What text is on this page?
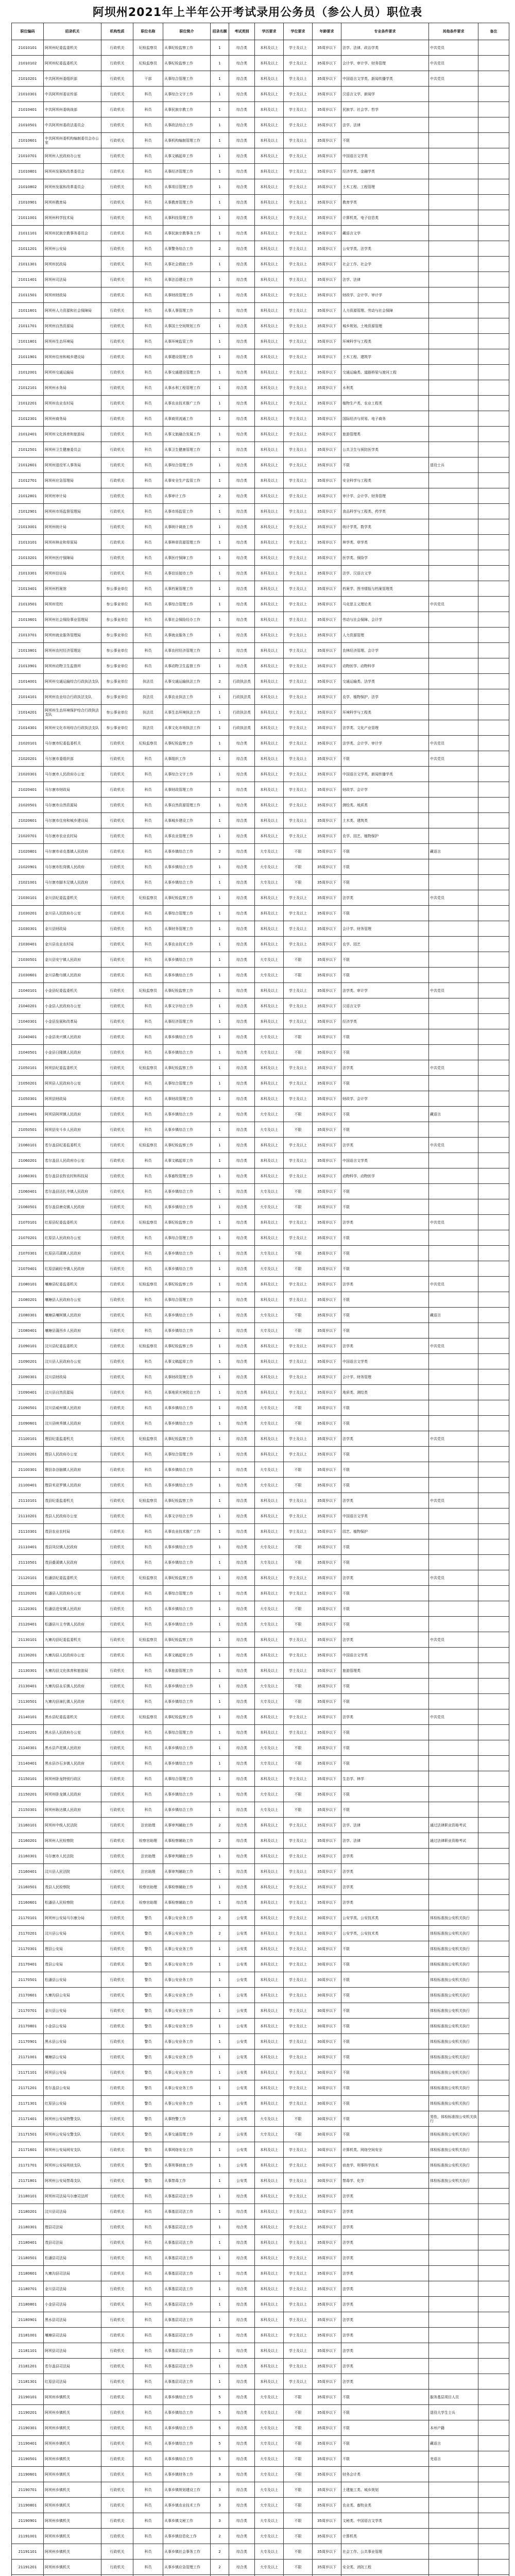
阿坝州2021年上半年公开考试录用公务员（参公人员）职位表
职位编码	招录机关	机构性质	职位名称	职位简介	招录名额	考试类别	学历要求	学位要求	年龄要求	专业条件要求	其他条件要求	备注
21010101	阿坝州纪委监委机关	行政机关	纪检监察员	从事纪检监察工作	1	综合类	本科及以上	学士及以上	35周岁以下	法学、法律、政治学类	中共党员	
21010102	阿坝州纪委监委机关	行政机关	纪检监察员	从事纪检监察工作	1	综合类	本科及以上	学士及以上	35周岁以下	会计学、审计学、财务管理	中共党员	
21010201	中共阿坝州委组织部	行政机关	干部	从事综合管理工作	1	综合类	本科及以上	学士及以上	35周岁以下	中国语言文学类、新闻传播学类	中共党员	
21010301	中共阿坝州委宣传部	行政机关	科员	从事综合文字工作	1	综合类	本科及以上	学士及以上	35周岁以下	汉语言文学、新闻学		
21010401	中共阿坝州委统战部	行政机关	科员	从事民族宗教工作	1	综合类	本科及以上	学士及以上	35周岁以下	民族学、社会学、哲学		
21010501	中共阿坝州委政法委员会	行政机关	科员	从事政法综合工作	1	综合类	本科及以上	学士及以上	35周岁以下	法学、法律		
21010601	中共阿坝州委机构编制委员会办公室	行政机关	科员	从事机构编制管理工作	1	综合类	本科及以上	学士及以上	35周岁以下	不限		
21010701	阿坝州人民政府办公室	行政机关	科员	从事文稿起草工作	1	综合类	本科及以上	学士及以上	35周岁以下	中国语言文学类		
21010801	阿坝州发展和改革委员会	行政机关	科员	从事经济管理工作	1	综合类	本科及以上	学士及以上	35周岁以下	经济学类、金融学类		
21010802	阿坝州发展和改革委员会	行政机关	科员	从事项目管理工作	1	综合类	本科及以上	学士及以上	35周岁以下	土木工程、工程管理		
21010901	阿坝州教育局	行政机关	科员	从事教育管理工作	1	综合类	本科及以上	学士及以上	35周岁以下	教育学类		
21011001	阿坝州科学技术局	行政机关	科员	从事科技管理工作	1	综合类	本科及以上	学士及以上	35周岁以下	计算机类、电子信息类		
21011101	阿坝州民族宗教事务委员会	行政机关	科员	从事民族宗教事务工作	1	综合类	本科及以上	学士及以上	35周岁以下	藏语言文学		
21011201	阿坝州公安局	行政机关	科员	从事警务综合工作	2	综合类	本科及以上	学士及以上	35周岁以下	公安学类、法学类		
21011301	阿坝州民政局	行政机关	科员	从事社会救助工作	1	综合类	本科及以上	学士及以上	35周岁以下	社会工作、社会学		
21011401	阿坝州司法局	行政机关	科员	从事法治建设工作	1	综合类	本科及以上	学士及以上	35周岁以下	法学、法律		
21011501	阿坝州财政局	行政机关	科员	从事财政管理工作	1	综合类	本科及以上	学士及以上	35周岁以下	财政学、会计学、审计学		
21011601	阿坝州人力资源和社会保障局	行政机关	科员	从事人事管理工作	1	综合类	本科及以上	学士及以上	35周岁以下	人力资源管理、劳动与社会保障		
21011701	阿坝州自然资源局	行政机关	科员	从事国土空间规划工作	1	综合类	本科及以上	学士及以上	35周岁以下	城乡规划、土地资源管理		
21011801	阿坝州生态环境局	行政机关	科员	从事环境监管工作	1	综合类	本科及以上	学士及以上	35周岁以下	环境科学与工程类		
21011901	阿坝州住房和城乡建设局	行政机关	科员	从事建设管理工作	1	综合类	本科及以上	学士及以上	35周岁以下	土木工程、建筑学		
21012001	阿坝州交通运输局	行政机关	科员	从事交通建设管理工作	1	综合类	本科及以上	学士及以上	35周岁以下	交通运输类、道路桥梁与渡河工程		
21012101	阿坝州水务局	行政机关	科员	从事水利工程管理工作	1	综合类	本科及以上	学士及以上	35周岁以下	水利类		
21012201	阿坝州农业农村局	行政机关	科员	从事农业技术推广工作	1	综合类	本科及以上	学士及以上	35周岁以下	植物生产类、农业工程类		
21012301	阿坝州商务局	行政机关	科员	从事商贸流通工作	1	综合类	本科及以上	学士及以上	35周岁以下	国际经济与贸易、电子商务		
21012401	阿坝州文化体育和旅游局	行政机关	科员	从事文旅融合发展工作	1	综合类	本科及以上	学士及以上	35周岁以下	旅游管理类		
21012501	阿坝州卫生健康委员会	行政机关	科员	从事卫生健康管理工作	1	综合类	本科及以上	学士及以上	35周岁以下	公共卫生与预防医学类		
21012601	阿坝州退役军人事务局	行政机关	科员	从事综合管理工作	1	综合类	本科及以上	学士及以上	35周岁以下	不限	退役士兵	
21012701	阿坝州应急管理局	行政机关	科员	从事安全生产监管工作	1	综合类	本科及以上	学士及以上	35周岁以下	安全科学与工程类		
21012801	阿坝州审计局	行政机关	科员	从事审计工作	2	综合类	本科及以上	学士及以上	35周岁以下	审计学、会计学、财务管理		
21012901	阿坝州市场监督管理局	行政机关	科员	从事市场监管工作	1	综合类	本科及以上	学士及以上	35周岁以下	食品科学与工程类、药学类		
21013001	阿坝州统计局	行政机关	科员	从事统计调查工作	1	综合类	本科及以上	学士及以上	35周岁以下	统计学类、数学类		
21013101	阿坝州林业和草原局	行政机关	科员	从事林草资源管理工作	1	综合类	本科及以上	学士及以上	35周岁以下	林学类、草学类		
21013201	阿坝州医疗保障局	行政机关	科员	从事医疗保障工作	1	综合类	本科及以上	学士及以上	35周岁以下	医学类、保险学		
21013301	阿坝州信访局	行政机关	科员	从事信访接待工作	1	综合类	本科及以上	学士及以上	35周岁以下	法学、汉语言文学		
21013401	阿坝州档案馆	参公事业单位	科员	从事档案管理工作	1	综合类	本科及以上	学士及以上	35周岁以下	档案学、图书情报与档案管理类		
21013501	阿坝州党校	参公事业单位	科员	从事综合管理工作	1	综合类	本科及以上	学士及以上	35周岁以下	马克思主义理论类	中共党员	
21013601	阿坝州社会保险事业管理局	参公事业单位	科员	从事社会保险经办工作	1	综合类	本科及以上	学士及以上	35周岁以下	劳动与社会保障、会计学		
21013701	阿坝州就业服务管理局	参公事业单位	科员	从事就业服务工作	1	综合类	本科及以上	学士及以上	35周岁以下	人力资源管理		
21013801	阿坝州农村经济管理站	参公事业单位	科员	从事农村经济管理工作	1	综合类	本科及以上	学士及以上	35周岁以下	农林经济管理、会计学		
21013901	阿坝州动物卫生监督所	参公事业单位	科员	从事动物卫生监督工作	1	综合类	本科及以上	学士及以上	35周岁以下	动物医学、动物科学		
21014001	阿坝州交通运输综合行政执法支队	参公事业单位	执法员	从事交通运输执法工作	2	行政执法类	本科及以上	学士及以上	35周岁以下	交通运输类、法学类		
21014101	阿坝州农业综合行政执法支队	参公事业单位	执法员	从事农业执法工作	1	行政执法类	本科及以上	学士及以上	35周岁以下	农学、植物保护、法学		
21014201	阿坝州生态环境保护综合行政执法支队	参公事业单位	执法员	从事生态环境执法工作	1	行政执法类	本科及以上	学士及以上	35周岁以下	环境科学与工程类		
21014301	阿坝州文化市场综合行政执法支队	参公事业单位	执法员	从事文化市场执法工作	1	行政执法类	本科及以上	学士及以上	35周岁以下	法学类、文化产业管理		
21020101	马尔康市纪委监委机关	行政机关	纪检监察员	从事纪检监察工作	1	综合类	本科及以上	学士及以上	35周岁以下	法学类、会计学、审计学	中共党员	
21020201	马尔康市委组织部	行政机关	科员	从事组织工作	1	综合类	本科及以上	学士及以上	35周岁以下	不限	中共党员	
21020301	马尔康市人民政府办公室	行政机关	科员	从事综合文字工作	1	综合类	本科及以上	学士及以上	35周岁以下	中国语言文学类、新闻传播学类		
21020401	马尔康市财政局	行政机关	科员	从事财政管理工作	1	综合类	本科及以上	学士及以上	35周岁以下	财政学、会计学		
21020501	马尔康市自然资源局	行政机关	科员	从事自然资源管理工作	1	综合类	本科及以上	学士及以上	35周岁以下	测绘类、地质类		
21020601	马尔康市住房和城乡建设局	行政机关	科员	从事城乡建设工作	1	综合类	本科及以上	学士及以上	35周岁以下	土木类、建筑类		
21020701	马尔康市农业农村局	行政机关	科员	从事农业管理工作	1	综合类	本科及以上	学士及以上	35周岁以下	农学、园艺、植物保护		
21020801	马尔康市卓克基镇人民政府	行政机关	科员	从事乡镇综合工作	2	综合类	大专及以上	不限	35周岁以下	不限	藏语言	
21020901	马尔康市松岗镇人民政府	行政机关	科员	从事乡镇综合工作	1	综合类	大专及以上	不限	35周岁以下	不限		
21021001	马尔康市脚木足镇人民政府	行政机关	科员	从事乡镇综合工作	1	综合类	大专及以上	不限	35周岁以下	不限		
21030101	金川县纪委监委机关	行政机关	纪检监察员	从事纪检监察工作	1	综合类	本科及以上	学士及以上	35周岁以下	法学类	中共党员	
21030201	金川县人民政府办公室	行政机关	科员	从事综合管理工作	1	综合类	本科及以上	学士及以上	35周岁以下	不限		
21030301	金川县财政局	行政机关	科员	从事财务管理工作	1	综合类	本科及以上	学士及以上	35周岁以下	会计学、财务管理		
21030401	金川县农业农村局	行政机关	科员	从事农业技术工作	1	综合类	本科及以上	学士及以上	35周岁以下	农学、园艺		
21030501	金川县安宁镇人民政府	行政机关	科员	从事乡镇综合工作	1	综合类	大专及以上	不限	35周岁以下	不限		
21030601	金川县勒乌镇人民政府	行政机关	科员	从事乡镇综合工作	1	综合类	大专及以上	不限	35周岁以下	不限		
21040101	小金县纪委监委机关	行政机关	纪检监察员	从事纪检监察工作	1	综合类	本科及以上	学士及以上	35周岁以下	法学类、审计学	中共党员	
21040201	小金县人民政府办公室	行政机关	科员	从事文字综合工作	1	综合类	本科及以上	学士及以上	35周岁以下	汉语言文学		
21040301	小金县发展和改革局	行政机关	科员	从事经济管理工作	1	综合类	本科及以上	学士及以上	35周岁以下	经济学类		
21040401	小金县美兴镇人民政府	行政机关	科员	从事乡镇综合工作	1	综合类	大专及以上	不限	35周岁以下	不限		
21040501	小金县日隆镇人民政府	行政机关	科员	从事乡镇综合工作	1	综合类	大专及以上	不限	35周岁以下	不限		
21050101	阿坝县纪委监委机关	行政机关	纪检监察员	从事纪检监察工作	1	综合类	本科及以上	学士及以上	35周岁以下	法学类	中共党员	
21050201	阿坝县人民政府办公室	行政机关	科员	从事综合管理工作	1	综合类	本科及以上	学士及以上	35周岁以下	不限		
21050301	阿坝县财政局	行政机关	科员	从事财政管理工作	1	综合类	本科及以上	学士及以上	35周岁以下	财政学、会计学		
21050401	阿坝县阿坝镇人民政府	行政机关	科员	从事乡镇综合工作	2	综合类	大专及以上	不限	35周岁以下	不限	藏语言	
21050501	阿坝县安斗乡人民政府	行政机关	科员	从事乡镇综合工作	1	综合类	大专及以上	不限	35周岁以下	不限		
21060101	若尔盖县纪委监委机关	行政机关	纪检监察员	从事纪检监察工作	1	综合类	本科及以上	学士及以上	35周岁以下	法学类	中共党员	
21060201	若尔盖县人民政府办公室	行政机关	科员	从事文稿起草工作	1	综合类	本科及以上	学士及以上	35周岁以下	中国语言文学类		
21060301	若尔盖县农牧农村和科技局	行政机关	科员	从事畜牧管理工作	1	综合类	本科及以上	学士及以上	35周岁以下	动物科学、动物医学		
21060401	若尔盖县达扎寺镇人民政府	行政机关	科员	从事乡镇综合工作	1	综合类	大专及以上	不限	35周岁以下	不限		
21060501	若尔盖县唐克镇人民政府	行政机关	科员	从事乡镇综合工作	1	综合类	大专及以上	不限	35周岁以下	不限		
21070101	红原县纪委监委机关	行政机关	纪检监察员	从事纪检监察工作	1	综合类	本科及以上	学士及以上	35周岁以下	法学类	中共党员	
21070201	红原县人民政府办公室	行政机关	科员	从事综合管理工作	1	综合类	本科及以上	学士及以上	35周岁以下	不限		
21070301	红原县邛溪镇人民政府	行政机关	科员	从事乡镇综合工作	1	综合类	大专及以上	不限	35周岁以下	不限		
21070401	红原县刷经寺镇人民政府	行政机关	科员	从事乡镇综合工作	1	综合类	大专及以上	不限	35周岁以下	不限		
21080101	壤塘县纪委监委机关	行政机关	纪检监察员	从事纪检监察工作	1	综合类	本科及以上	学士及以上	35周岁以下	法学类	中共党员	
21080201	壤塘县人民政府办公室	行政机关	科员	从事综合管理工作	1	综合类	本科及以上	学士及以上	35周岁以下	不限		
21080301	壤塘县壤柯镇人民政府	行政机关	科员	从事乡镇综合工作	1	综合类	大专及以上	不限	35周岁以下	不限	藏语言	
21080401	壤塘县蒲西乡人民政府	行政机关	科员	从事乡镇综合工作	1	综合类	大专及以上	不限	35周岁以下	不限		
21090101	汶川县纪委监委机关	行政机关	纪检监察员	从事纪检监察工作	1	综合类	本科及以上	学士及以上	35周岁以下	法学类	中共党员	
21090201	汶川县人民政府办公室	行政机关	科员	从事文稿起草工作	1	综合类	本科及以上	学士及以上	35周岁以下	中国语言文学类		
21090301	汶川县财政局	行政机关	科员	从事财政管理工作	1	综合类	本科及以上	学士及以上	35周岁以下	会计学、财务管理		
21090401	汶川县自然资源局	行政机关	科员	从事地质灾害防治工作	1	综合类	本科及以上	学士及以上	35周岁以下	地质类、测绘类		
21090501	汶川县威州镇人民政府	行政机关	科员	从事乡镇综合工作	1	综合类	大专及以上	不限	35周岁以下	不限		
21090601	汶川县映秀镇人民政府	行政机关	科员	从事乡镇综合工作	1	综合类	大专及以上	不限	35周岁以下	不限		
21100101	理县纪委监委机关	行政机关	纪检监察员	从事纪检监察工作	1	综合类	本科及以上	学士及以上	35周岁以下	法学类	中共党员	
21100201	理县人民政府办公室	行政机关	科员	从事综合管理工作	1	综合类	本科及以上	学士及以上	35周岁以下	不限		
21100301	理县杂谷脑镇人民政府	行政机关	科员	从事乡镇综合工作	1	综合类	大专及以上	不限	35周岁以下	不限		
21100401	理县米亚罗镇人民政府	行政机关	科员	从事乡镇综合工作	1	综合类	大专及以上	不限	35周岁以下	不限		
21110101	茂县纪委监委机关	行政机关	纪检监察员	从事纪检监察工作	1	综合类	本科及以上	学士及以上	35周岁以下	法学类	中共党员	
21110201	茂县人民政府办公室	行政机关	科员	从事文字综合工作	1	综合类	本科及以上	学士及以上	35周岁以下	中国语言文学类		
21110301	茂县农业农村局	行政机关	科员	从事农业技术推广工作	1	综合类	本科及以上	学士及以上	35周岁以下	园艺、植物保护		
21110401	茂县凤仪镇人民政府	行政机关	科员	从事乡镇综合工作	1	综合类	大专及以上	不限	35周岁以下	不限		
21110501	茂县叠溪镇人民政府	行政机关	科员	从事乡镇综合工作	1	综合类	大专及以上	不限	35周岁以下	不限		
21120101	松潘县纪委监委机关	行政机关	纪检监察员	从事纪检监察工作	1	综合类	本科及以上	学士及以上	35周岁以下	法学类	中共党员	
21120201	松潘县人民政府办公室	行政机关	科员	从事综合管理工作	1	综合类	本科及以上	学士及以上	35周岁以下	不限		
21120301	松潘县进安镇人民政府	行政机关	科员	从事乡镇综合工作	1	综合类	大专及以上	不限	35周岁以下	不限		
21120401	松潘县川主寺镇人民政府	行政机关	科员	从事乡镇综合工作	1	综合类	大专及以上	不限	35周岁以下	不限		
21130101	九寨沟县纪委监委机关	行政机关	纪检监察员	从事纪检监察工作	1	综合类	本科及以上	学士及以上	35周岁以下	法学类	中共党员	
21130201	九寨沟县人民政府办公室	行政机关	科员	从事文稿起草工作	1	综合类	本科及以上	学士及以上	35周岁以下	中国语言文学类		
21130301	九寨沟县文化体育和旅游局	行政机关	科员	从事旅游管理工作	1	综合类	本科及以上	学士及以上	35周岁以下	旅游管理类		
21130401	九寨沟县永乐镇人民政府	行政机关	科员	从事乡镇综合工作	1	综合类	大专及以上	不限	35周岁以下	不限		
21130501	九寨沟县漳扎镇人民政府	行政机关	科员	从事乡镇综合工作	1	综合类	大专及以上	不限	35周岁以下	不限		
21140101	黑水县纪委监委机关	行政机关	纪检监察员	从事纪检监察工作	1	综合类	本科及以上	学士及以上	35周岁以下	法学类	中共党员	
21140201	黑水县人民政府办公室	行政机关	科员	从事综合管理工作	1	综合类	本科及以上	学士及以上	35周岁以下	不限		
21140301	黑水县芦花镇人民政府	行政机关	科员	从事乡镇综合工作	1	综合类	大专及以上	不限	35周岁以下	不限		
21140401	黑水县沙石多镇人民政府	行政机关	科员	从事乡镇综合工作	1	综合类	大专及以上	不限	35周岁以下	不限		
21150101	阿坝州卧龙特别行政区	行政机关	科员	从事综合管理工作	1	综合类	本科及以上	学士及以上	35周岁以下	生态学、林学		
21150201	阿坝州卧龙镇人民政府	行政机关	科员	从事乡镇综合工作	1	综合类	大专及以上	不限	35周岁以下	不限		
21150301	阿坝州耿达镇人民政府	行政机关	科员	从事乡镇综合工作	1	综合类	大专及以上	不限	35周岁以下	不限		
21160101	阿坝州中级人民法院	行政机关	法官助理	从事审判辅助工作	2	综合类	本科及以上	学士及以上	35周岁以下	法学、法律	通过法律职业资格考试	
21160201	阿坝州人民检察院	行政机关	检察官助理	从事检察辅助工作	2	综合类	本科及以上	学士及以上	35周岁以下	法学、法律	通过法律职业资格考试	
21160301	马尔康市人民法院	行政机关	法官助理	从事审判辅助工作	1	综合类	本科及以上	学士及以上	35周岁以下	法学类		
21160401	汶川县人民法院	行政机关	法官助理	从事审判辅助工作	1	综合类	本科及以上	学士及以上	35周岁以下	法学类		
21160501	茂县人民检察院	行政机关	检察官助理	从事检察辅助工作	1	综合类	本科及以上	学士及以上	35周岁以下	法学类		
21160601	松潘县人民检察院	行政机关	检察官助理	从事检察辅助工作	1	综合类	本科及以上	学士及以上	35周岁以下	法学类		
21170101	阿坝州公安局马尔康分局	行政机关	警员	从事公安业务工作	2	公安类	本科及以上	学士及以上	30周岁以下	公安学类、公安技术类	体检标准按公安机关执行	
21170201	汶川县公安局	行政机关	警员	从事公安业务工作	2	公安类	本科及以上	学士及以上	30周岁以下	公安学类、公安技术类	体检标准按公安机关执行	
21170301	理县公安局	行政机关	警员	从事公安业务工作	1	公安类	本科及以上	学士及以上	30周岁以下	不限	体检标准按公安机关执行	
21170401	茂县公安局	行政机关	警员	从事公安业务工作	1	公安类	本科及以上	学士及以上	30周岁以下	不限	体检标准按公安机关执行	
21170501	松潘县公安局	行政机关	警员	从事公安业务工作	1	公安类	本科及以上	学士及以上	30周岁以下	不限	体检标准按公安机关执行	
21170601	九寨沟县公安局	行政机关	警员	从事公安业务工作	1	公安类	本科及以上	学士及以上	30周岁以下	不限	体检标准按公安机关执行	
21170701	金川县公安局	行政机关	警员	从事公安业务工作	1	公安类	本科及以上	学士及以上	30周岁以下	不限	体检标准按公安机关执行	
21170801	小金县公安局	行政机关	警员	从事公安业务工作	1	公安类	本科及以上	学士及以上	30周岁以下	不限	体检标准按公安机关执行	
21170901	黑水县公安局	行政机关	警员	从事公安业务工作	1	公安类	本科及以上	学士及以上	30周岁以下	不限	体检标准按公安机关执行	
21171001	壤塘县公安局	行政机关	警员	从事公安业务工作	1	公安类	本科及以上	学士及以上	30周岁以下	不限	体检标准按公安机关执行	
21171101	阿坝县公安局	行政机关	警员	从事公安业务工作	1	公安类	本科及以上	学士及以上	30周岁以下	不限	体检标准按公安机关执行	
21171201	若尔盖县公安局	行政机关	警员	从事公安业务工作	1	公安类	本科及以上	学士及以上	30周岁以下	不限	体检标准按公安机关执行	
21171301	红原县公安局	行政机关	警员	从事公安业务工作	1	公安类	本科及以上	学士及以上	30周岁以下	不限	体检标准按公安机关执行	
21171401	阿坝州公安局特警支队	行政机关	警员	从事特警工作	2	公安类	大专及以上	不限	30周岁以下	不限	男性，体检标准按公安机关执行	
21171501	阿坝州公安局交警支队	行政机关	警员	从事交通管理工作	2	公安类	大专及以上	不限	30周岁以下	不限	体检标准按公安机关执行	
21171601	阿坝州公安局网安支队	行政机关	警员	从事网络安全工作	1	公安类	本科及以上	学士及以上	30周岁以下	计算机类、网络空间安全	体检标准按公安机关执行	
21171701	阿坝州公安局刑侦支队	行政机关	警员	从事刑事侦查工作	1	公安类	本科及以上	学士及以上	30周岁以下	侦查学、刑事科学技术	体检标准按公安机关执行	
21171801	阿坝州公安局禁毒支队	行政机关	警员	从事禁毒工作	1	公安类	本科及以上	学士及以上	30周岁以下	禁毒学、化学	体检标准按公安机关执行	
21180101	阿坝州司法局马尔康司法所	行政机关	科员	从事基层司法工作	1	综合类	本科及以上	学士及以上	35周岁以下	法学类		
21180201	汶川县司法局	行政机关	科员	从事基层司法工作	1	综合类	本科及以上	学士及以上	35周岁以下	法学类		
21180301	理县司法局	行政机关	科员	从事基层司法工作	1	综合类	本科及以上	学士及以上	35周岁以下	法学类		
21180401	茂县司法局	行政机关	科员	从事基层司法工作	1	综合类	本科及以上	学士及以上	35周岁以下	法学类		
21180501	松潘县司法局	行政机关	科员	从事基层司法工作	1	综合类	本科及以上	学士及以上	35周岁以下	法学类		
21180601	九寨沟县司法局	行政机关	科员	从事基层司法工作	1	综合类	本科及以上	学士及以上	35周岁以下	法学类		
21180701	金川县司法局	行政机关	科员	从事基层司法工作	1	综合类	本科及以上	学士及以上	35周岁以下	法学类		
21180801	小金县司法局	行政机关	科员	从事基层司法工作	1	综合类	本科及以上	学士及以上	35周岁以下	法学类		
21180901	黑水县司法局	行政机关	科员	从事基层司法工作	1	综合类	本科及以上	学士及以上	35周岁以下	法学类		
21181001	壤塘县司法局	行政机关	科员	从事基层司法工作	1	综合类	本科及以上	学士及以上	35周岁以下	法学类		
21181101	阿坝县司法局	行政机关	科员	从事基层司法工作	1	综合类	本科及以上	学士及以上	35周岁以下	法学类		
21181201	若尔盖县司法局	行政机关	科员	从事基层司法工作	1	综合类	本科及以上	学士及以上	35周岁以下	法学类		
21181301	红原县司法局	行政机关	科员	从事基层司法工作	1	综合类	本科及以上	学士及以上	35周岁以下	法学类		
21190101	阿坝州乡镇机关	行政机关	科员	从事乡镇综合工作	5	综合类	大专及以上	不限	35周岁以下	不限	服务基层项目人员	
21190201	阿坝州乡镇机关	行政机关	科员	从事乡镇综合工作	5	综合类	大专及以上	不限	35周岁以下	不限	退役大学生士兵	
21190301	阿坝州乡镇机关	行政机关	科员	从事乡镇综合工作	5	综合类	大专及以上	不限	35周岁以下	不限	本州户籍	
21190401	阿坝州乡镇机关	行政机关	科员	从事乡镇综合工作	5	综合类	大专及以上	不限	35周岁以下	不限	藏语言	
21190501	阿坝州乡镇机关	行政机关	科员	从事乡镇综合工作	5	综合类	大专及以上	不限	35周岁以下	不限	羌语言	
21190601	阿坝州乡镇机关	行政机关	科员	从事乡镇财务工作	3	综合类	大专及以上	不限	35周岁以下	财务会计类		
21190701	阿坝州乡镇机关	行政机关	科员	从事乡镇规划建设工作	3	综合类	大专及以上	不限	35周岁以下	土建施工类、城乡规划		
21190801	阿坝州乡镇机关	行政机关	科员	从事乡镇农业技术工作	3	综合类	大专及以上	不限	35周岁以下	农业类、畜牧业类		
21190901	阿坝州乡镇机关	行政机关	科员	从事乡镇文秘工作	3	综合类	大专及以上	不限	35周岁以下	文秘类、中国语言文学类		
21191001	阿坝州乡镇机关	行政机关	科员	从事乡镇信息化工作	2	综合类	大专及以上	不限	35周岁以下	计算机类		
21191101	阿坝州乡镇机关	行政机关	科员	从事乡镇社会事务工作	2	综合类	大专及以上	不限	35周岁以下	社会工作、公共事业管理		
21191201	阿坝州乡镇机关	行政机关	科员	从事乡镇应急管理工作	2	综合类	大专及以上	不限	35周岁以下	安全类、消防工程		
